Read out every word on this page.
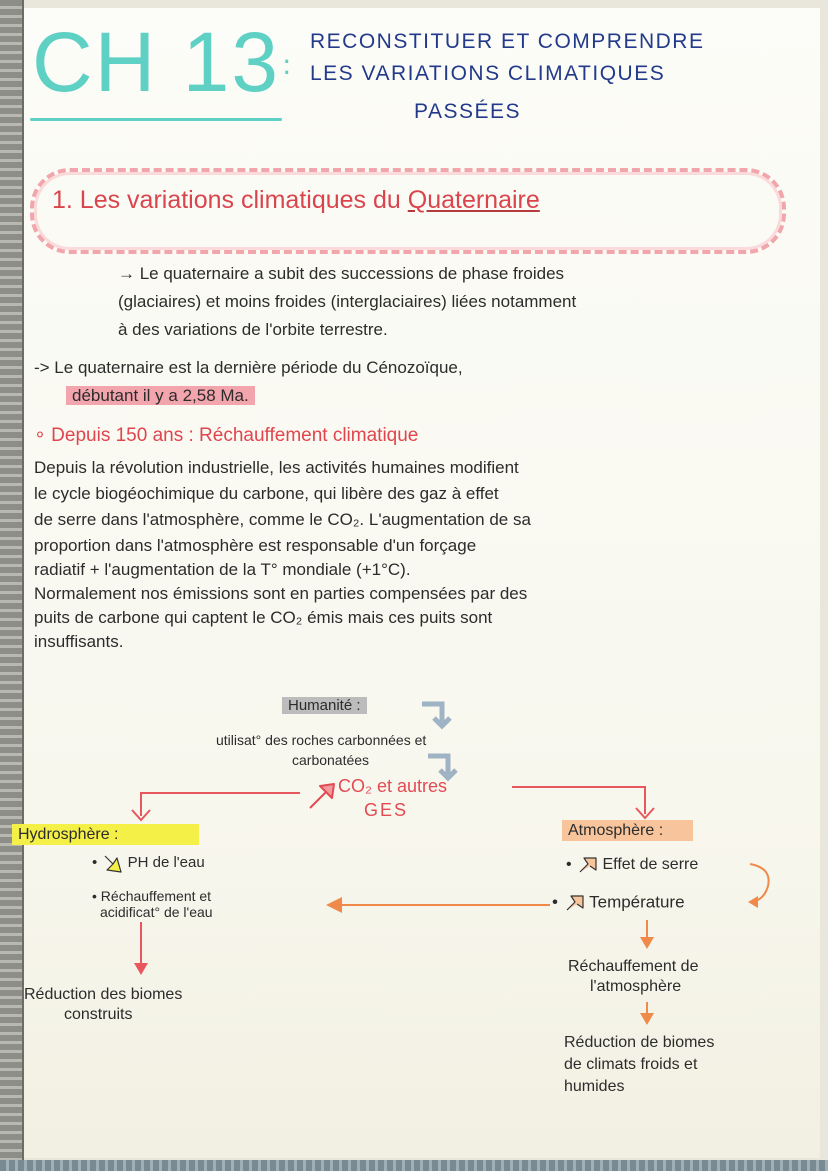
CH 13 :
RECONSTITUER ET COMPRENDRE
LES VARIATIONS CLIMATIQUES
PASSÉES
1. Les variations climatiques du Quaternaire
→ Le quaternaire a subit des successions de phase froides
(glaciaires) et moins froides (interglaciaires) liées notamment
à des variations de l'orbite terrestre.
-> Le quaternaire est la dernière période du Cénozoïque,
débutant il y a 2,58 Ma.
∘ Depuis 150 ans : Réchauffement climatique
Depuis la révolution industrielle, les activités humaines modifient
le cycle biogéochimique du carbone, qui libère des gaz à effet
de serre dans l'atmosphère, comme le CO₂. L'augmentation de sa
proportion dans l'atmosphère est responsable d'un forçage
radiatif + l'augmentation de la T° mondiale (+1°C).
Normalement nos émissions sont en parties compensées par des
puits de carbone qui captent le CO₂ émis mais ces puits sont
insuffisants.
Humanité :
utilisat° des roches carbonnées et
carbonatées
CO₂ et autres
GES
Hydrosphère :
•  PH de l'eau
• Réchauffement et
acidificat° de l'eau
Réduction des biomes
construits
Atmosphère :
•  Effet de serre
•  Température
Réchauffement de
l'atmosphère
Réduction de biomes
de climats froids et
humides
